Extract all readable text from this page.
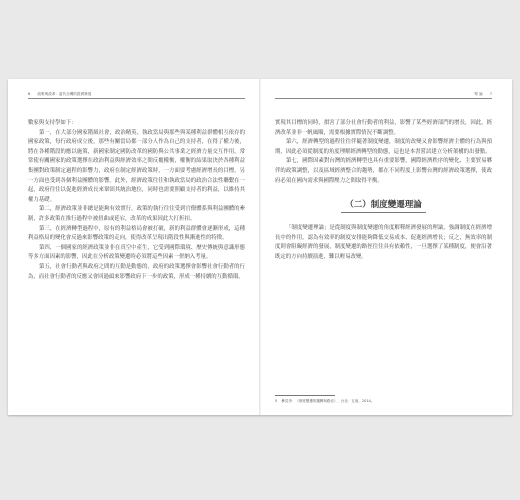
6 政策與改革：當代台灣的經濟發展

數家與支持學如下：

第一，在大部分國家階級社會，政治精英、執政當局與那些與某種利益群體相互依存的國家政策，每行政府成立後，那些有關當局都一部分人作為自己的支持者，在得了權力後，將在各種階段的應以施策，新國家制定國防改革的國防與公共事業之經濟力量交互作用，常常使有關國家的政策選擇在政治利益與經濟效率之間反覆權衡，權衡的結果取決於各種利益集團對政策制定過程的影響力，政府在制定經濟政策時，一方面要考慮經濟增長的目標，另一方面也受到各個利益團體的影響。此外，經濟政策往往和執政當局的政治合法性聯繫在一起，政府往往以促進經濟成長來鞏固其統治地位，同時也需要照顧支持者的利益，以維持其權力基礎。

第二，經濟政策並非總是能夠有效實行，政策的執行往往受到官僚體系與利益團體的牽制，許多政策在推行過程中被扭曲或延宕，改革的成果因此大打折扣。

第三，在經濟轉型過程中，原有的利益格局會被打破，新的利益群體會逐漸形成，這種利益格局的變化會反過來影響政策的走向，使得改革呈現出階段性與漸進性的特徵。

第四，一個國家的經濟政策並非在真空中產生，它受到國際環境、歷史傳統與意識形態等多方面因素的影響，因此在分析政策變遷時必須將這些因素一併納入考量。

第五，社會行動者與政府之間的互動是動態的，政府的政策選擇會影響社會行動者的行為，而社會行動者的反應又會回過頭來影響政府下一步的政策，形成一種持續的互動循環。

導 論 7

實現其目標的同時，損害了部分社會行動者的利益，影響了某些經濟部門的增長，因此，經濟改革並非一帆風順，需要根據實際情況不斷調整。

第六，經濟轉型的過程往往伴隨著制度變遷，制度的改變又會影響經濟主體的行為與預期，因此必須從制度的角度理解經濟轉型的動態，這也是本書嘗試建立分析架構的出發點。

第七，國際因素對台灣的經濟轉型也具有重要影響，國際經濟秩序的變化、主要貿易夥伴的政策調整，以及區域經濟整合的趨勢，都在不同程度上影響台灣的經濟政策選擇，使政府必須在國內需求與國際壓力之間取得平衡。

（二）制度變遷理論

「制度變遷理論」是從制度與制度變遷的角度解釋經濟發展的理論，強調制度在經濟增長中的作用，認為有效率的制度安排能夠降低交易成本、促進經濟增長；反之，無效率的制度則會阻礙經濟的發展，制度變遷的路徑往往具有依賴性，一旦選擇了某種制度，便會沿著既定的方向持續演進，難以輕易改變。

5 參見李：《制度變遷的邏輯與路徑》，台北：五南，2014。
